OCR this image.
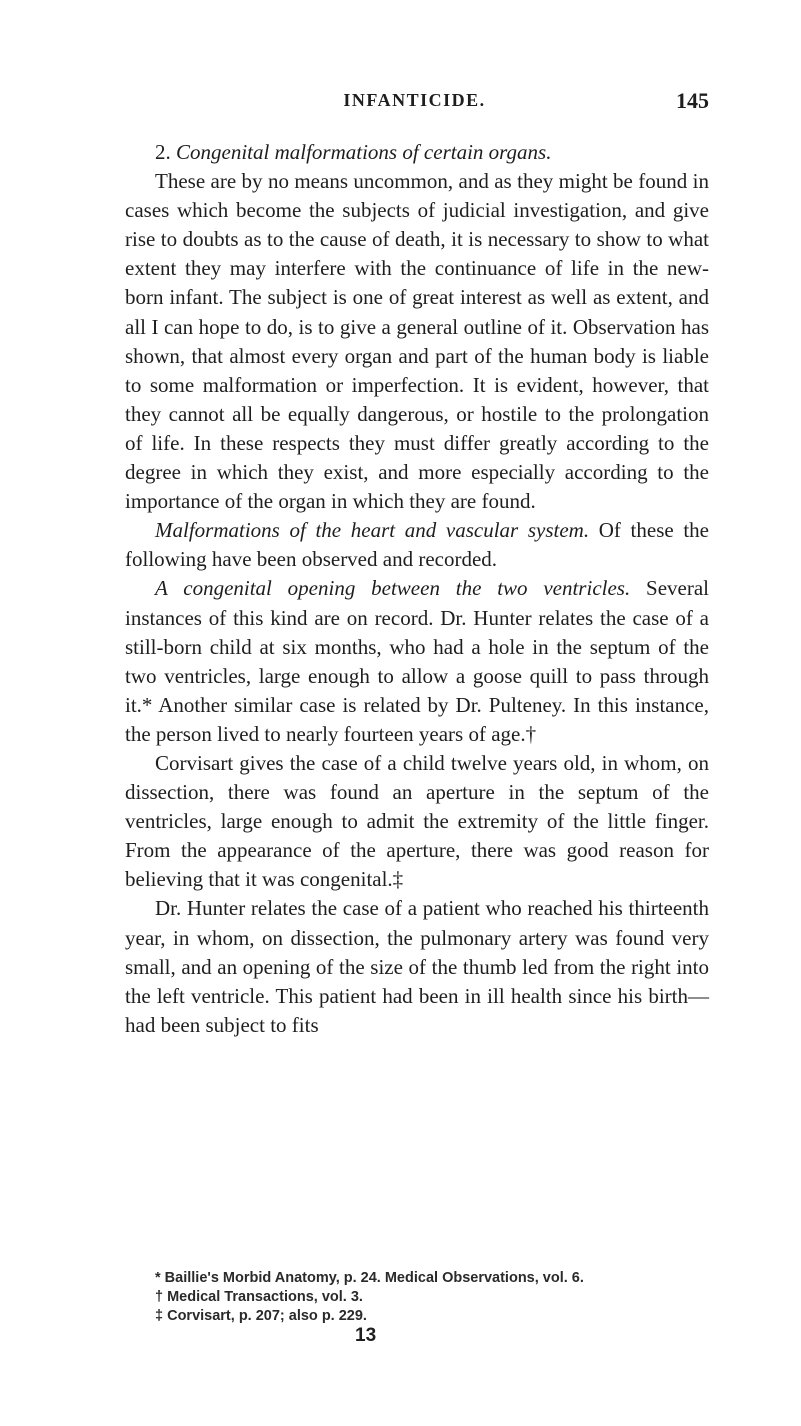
INFANTICIDE.	145

2. Congenital malformations of certain organs.

These are by no means uncommon, and as they might be found in cases which become the subjects of judicial investigation, and give rise to doubts as to the cause of death, it is necessary to show to what extent they may interfere with the continuance of life in the new-born infant. The subject is one of great interest as well as extent, and all I can hope to do, is to give a general outline of it. Observation has shown, that almost every organ and part of the human body is liable to some malformation or imperfection. It is evident, however, that they cannot all be equally dangerous, or hostile to the prolongation of life. In these respects they must differ greatly according to the degree in which they exist, and more especially according to the importance of the organ in which they are found.

Malformations of the heart and vascular system. Of these the following have been observed and recorded.

A congenital opening between the two ventricles. Several instances of this kind are on record. Dr. Hunter relates the case of a still-born child at six months, who had a hole in the septum of the two ventricles, large enough to allow a goose quill to pass through it.* Another similar case is related by Dr. Pulteney. In this instance, the person lived to nearly fourteen years of age.†

Corvisart gives the case of a child twelve years old, in whom, on dissection, there was found an aperture in the septum of the ventricles, large enough to admit the extremity of the little finger. From the appearance of the aperture, there was good reason for believing that it was congenital.‡

Dr. Hunter relates the case of a patient who reached his thirteenth year, in whom, on dissection, the pulmonary artery was found very small, and an opening of the size of the thumb led from the right into the left ventricle. This patient had been in ill health since his birth—had been subject to fits

* Baillie's Morbid Anatomy, p. 24. Medical Observations, vol. 6.
† Medical Transactions, vol. 3.
‡ Corvisart, p. 207; also p. 229.
13
